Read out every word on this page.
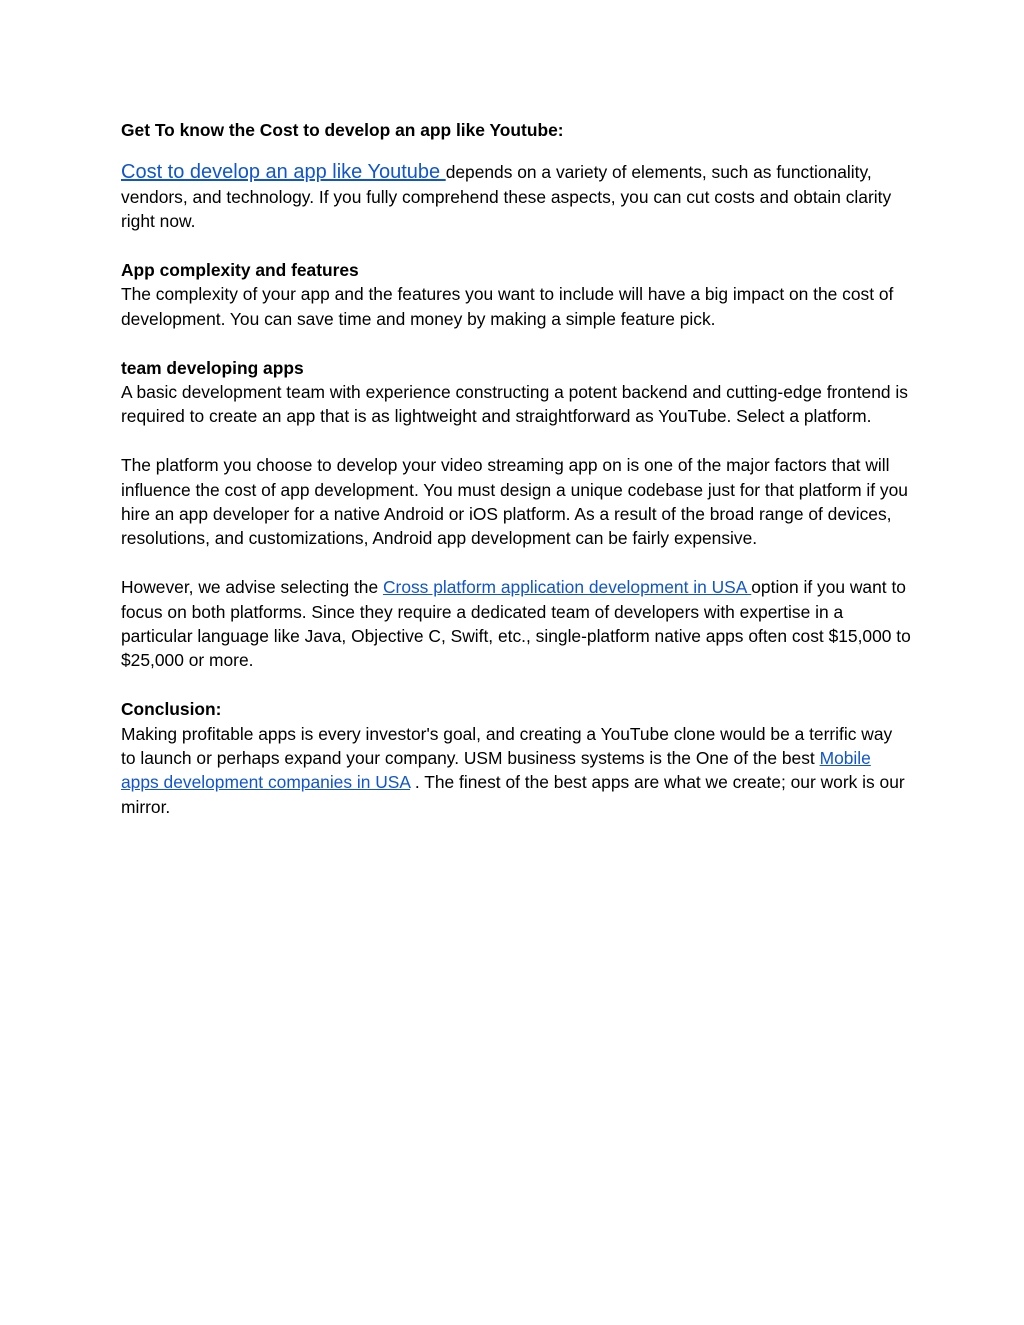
Get To know the Cost to develop an app like Youtube:

Cost to develop an app like Youtube depends on a variety of elements, such as functionality, vendors, and technology. If you fully comprehend these aspects, you can cut costs and obtain clarity right now.

App complexity and features

The complexity of your app and the features you want to include will have a big impact on the cost of development. You can save time and money by making a simple feature pick.

team developing apps

A basic development team with experience constructing a potent backend and cutting-edge frontend is required to create an app that is as lightweight and straightforward as YouTube. Select a platform.

The platform you choose to develop your video streaming app on is one of the major factors that will influence the cost of app development. You must design a unique codebase just for that platform if you hire an app developer for a native Android or iOS platform. As a result of the broad range of devices, resolutions, and customizations, Android app development can be fairly expensive.

However, we advise selecting the Cross platform application development in USA option if you want to focus on both platforms. Since they require a dedicated team of developers with expertise in a particular language like Java, Objective C, Swift, etc., single-platform native apps often cost $15,000 to $25,000 or more.

Conclusion:

Making profitable apps is every investor's goal, and creating a YouTube clone would be a terrific way to launch or perhaps expand your company. USM business systems is the One of the best Mobile apps development companies in USA . The finest of the best apps are what we create; our work is our mirror.
